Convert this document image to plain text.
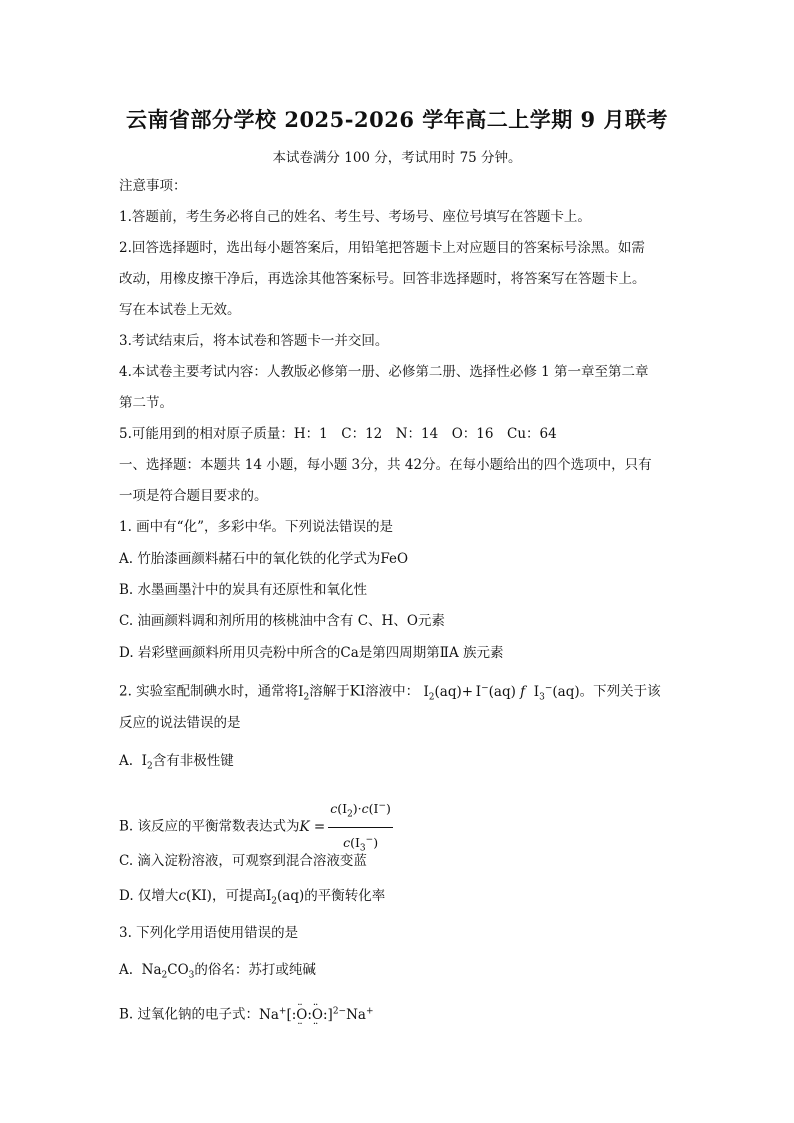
云南省部分学校 2025-2026 学年高二上学期 9 月联考
本试卷满分 100 分，考试用时 75 分钟。
注意事项：
1.答题前，考生务必将自己的姓名、考生号、考场号、座位号填写在答题卡上。
2.回答选择题时，选出每小题答案后，用铅笔把答题卡上对应题目的答案标号涂黑。如需
改动，用橡皮擦干净后，再选涂其他答案标号。回答非选择题时，将答案写在答题卡上。
写在本试卷上无效。
3.考试结束后，将本试卷和答题卡一并交回。
4.本试卷主要考试内容：人教版必修第一册、必修第二册、选择性必修 1 第一章至第二章
第二节。
5.可能用到的相对原子质量：H：1　C：12　N：14　O：16　Cu：64
一、选择题：本题共 14 小题，每小题 3分，共 42分。在每小题给出的四个选项中，只有
一项是符合题目要求的。
1. 画中有“化”，多彩中华。下列说法错误的是
A. 竹胎漆画颜料赭石中的氧化铁的化学式为FeO
B. 水墨画墨汁中的炭具有还原性和氧化性
C. 油画颜料调和剂所用的核桃油中含有 C、H、O元素
D. 岩彩壁画颜料所用贝壳粉中所含的Ca是第四周期第ⅡA 族元素
2. 实验室配制碘水时，通常将$I_2$溶解于KI溶液中： $I_2(aq)+ I^-(aq)$ f  $I_3^-(aq)$。下列关于该
反应的说法错误的是
A. $I_2$含有非极性键
B. 该反应的平衡常数表达式为$K = \frac{c(I_2)\cdot c(I^-)}{c(I_3^-)}$
C. 滴入淀粉溶液，可观察到混合溶液变蓝
D. 仅增大c(KI)，可提高$I_2(aq)$的平衡转化率
3. 下列化学用语使用错误的是
A. $Na_2CO_3$的俗名：苏打或纯碱
B. 过氧化钠的电子式：Na+[:·· O ··:·· O ··:]$^{2-}$Na+
